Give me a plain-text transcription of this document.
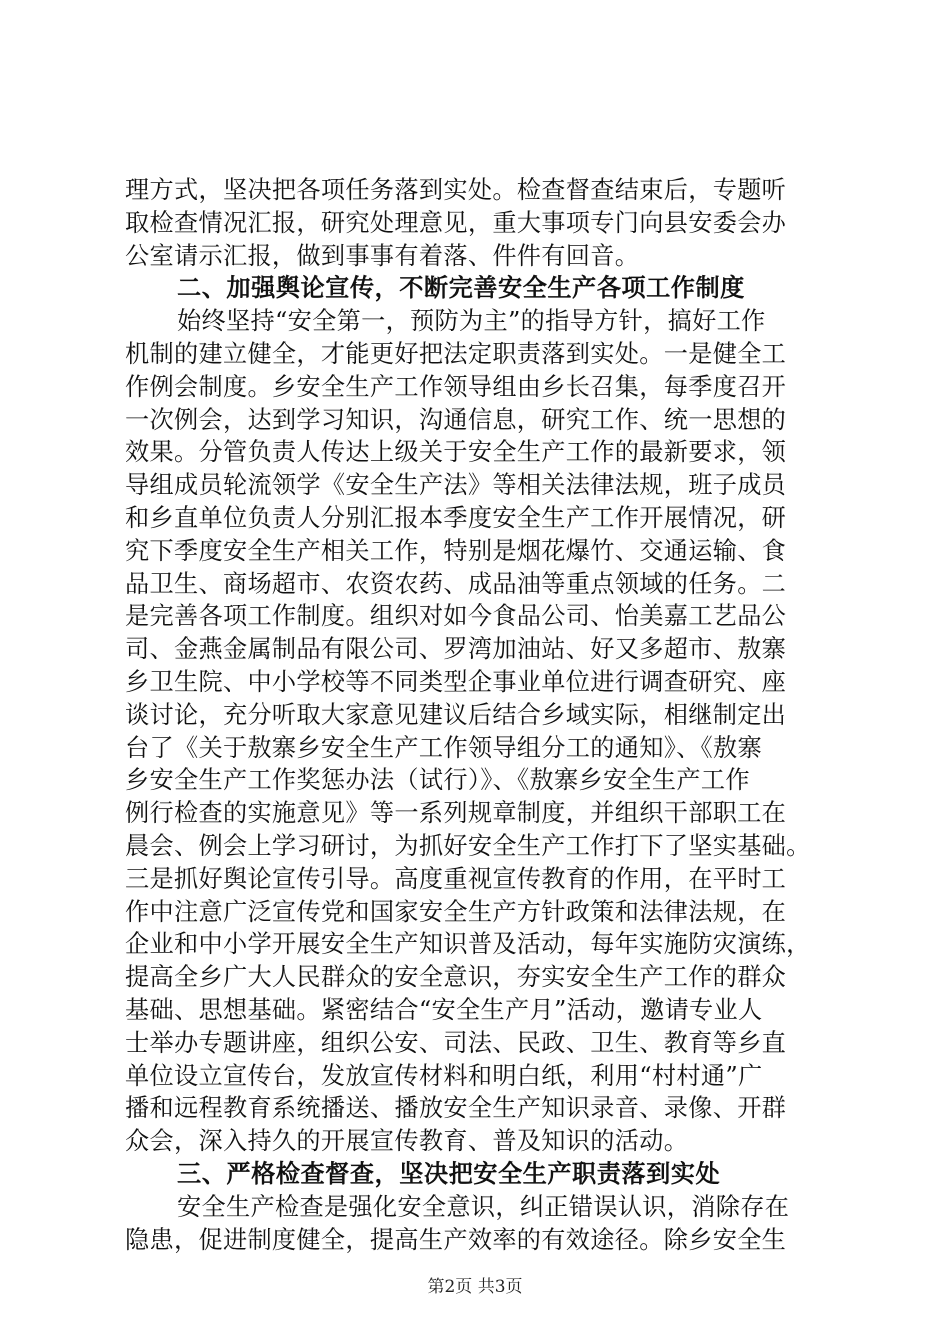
理方式，坚决把各项任务落到实处。检查督查结束后，专题听
取检查情况汇报，研究处理意见，重大事项专门向县安委会办
公室请示汇报，做到事事有着落、件件有回音。
二、加强舆论宣传，不断完善安全生产各项工作制度
始终坚持“安全第一，预防为主”的指导方针，搞好工作
机制的建立健全，才能更好把法定职责落到实处。一是健全工
作例会制度。乡安全生产工作领导组由乡长召集，每季度召开
一次例会，达到学习知识，沟通信息，研究工作、统一思想的
效果。分管负责人传达上级关于安全生产工作的最新要求，领
导组成员轮流领学《安全生产法》等相关法律法规，班子成员
和乡直单位负责人分别汇报本季度安全生产工作开展情况，研
究下季度安全生产相关工作，特别是烟花爆竹、交通运输、食
品卫生、商场超市、农资农药、成品油等重点领域的任务。二
是完善各项工作制度。组织对如今食品公司、怡美嘉工艺品公
司、金燕金属制品有限公司、罗湾加油站、好又多超市、敖寨
乡卫生院、中小学校等不同类型企事业单位进行调查研究、座
谈讨论，充分听取大家意见建议后结合乡域实际，相继制定出
台了《关于敖寨乡安全生产工作领导组分工的通知》、《敖寨
乡安全生产工作奖惩办法（试行）》、《敖寨乡安全生产工作
例行检查的实施意见》等一系列规章制度，并组织干部职工在
晨会、例会上学习研讨，为抓好安全生产工作打下了坚实基础。
三是抓好舆论宣传引导。高度重视宣传教育的作用，在平时工
作中注意广泛宣传党和国家安全生产方针政策和法律法规，在
企业和中小学开展安全生产知识普及活动，每年实施防灾演练，
提高全乡广大人民群众的安全意识，夯实安全生产工作的群众
基础、思想基础。紧密结合“安全生产月”活动，邀请专业人
士举办专题讲座，组织公安、司法、民政、卫生、教育等乡直
单位设立宣传台，发放宣传材料和明白纸，利用“村村通”广
播和远程教育系统播送、播放安全生产知识录音、录像、开群
众会，深入持久的开展宣传教育、普及知识的活动。
三、严格检查督查，坚决把安全生产职责落到实处
安全生产检查是强化安全意识，纠正错误认识，消除存在
隐患，促进制度健全，提高生产效率的有效途径。除乡安全生
第2页 共3页
